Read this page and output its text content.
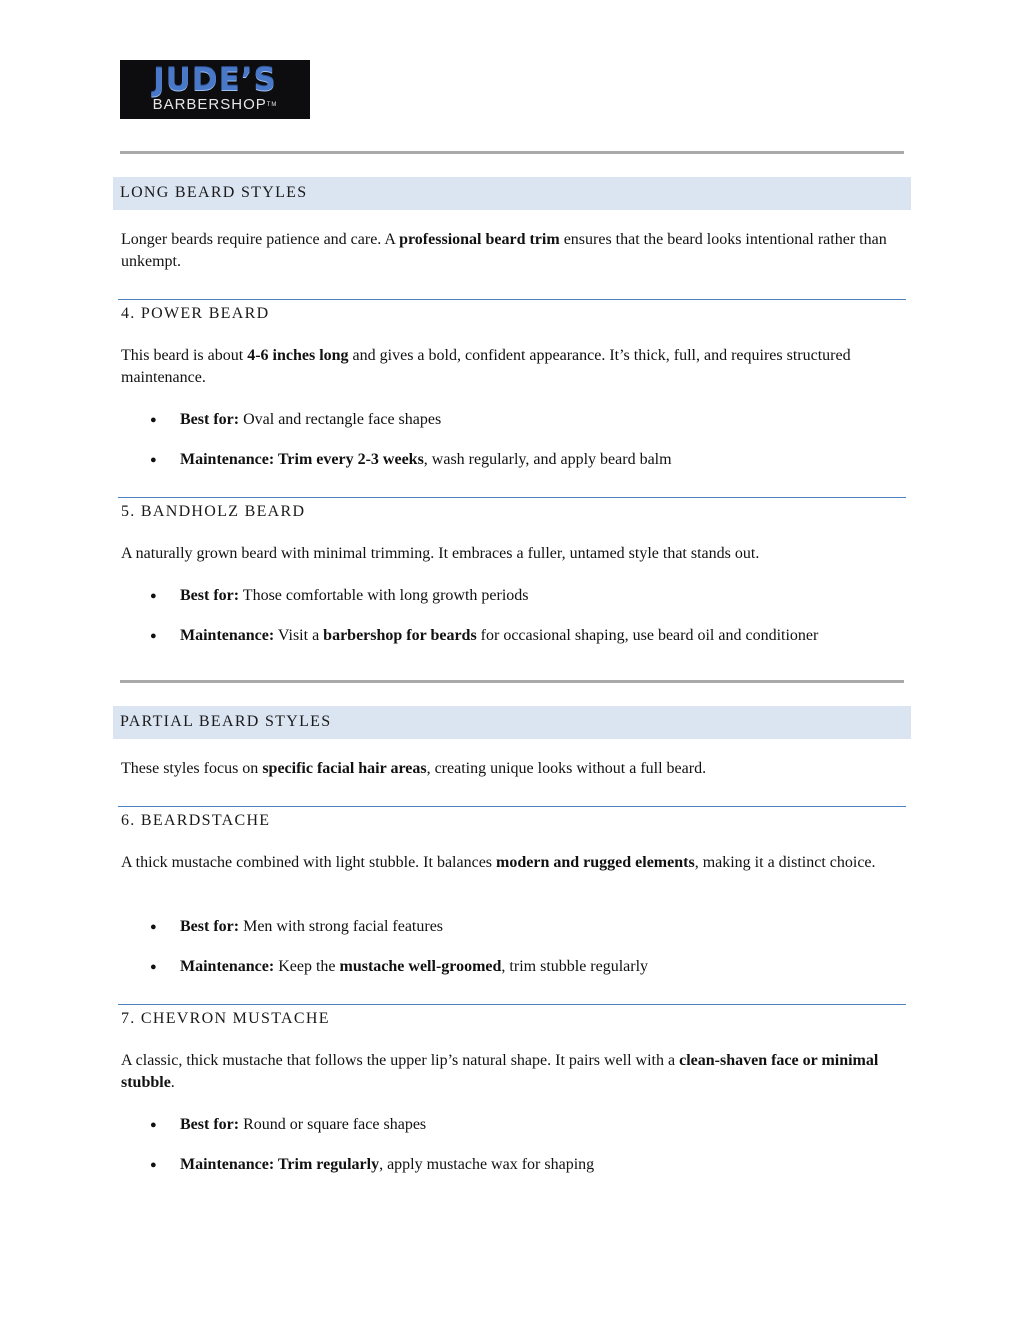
JUDE’S
BARBERSHOP™
LONG BEARD STYLES
Longer beards require patience and care. A professional beard trim ensures that the beard looks intentional rather than unkempt.
4. POWER BEARD
This beard is about 4-6 inches long and gives a bold, confident appearance. It’s thick, full, and requires structured maintenance.
● Best for: Oval and rectangle face shapes
● Maintenance: Trim every 2-3 weeks, wash regularly, and apply beard balm
5. BANDHOLZ BEARD
A naturally grown beard with minimal trimming. It embraces a fuller, untamed style that stands out.
● Best for: Those comfortable with long growth periods
● Maintenance: Visit a barbershop for beards for occasional shaping, use beard oil and conditioner
PARTIAL BEARD STYLES
These styles focus on specific facial hair areas, creating unique looks without a full beard.
6. BEARDSTACHE
A thick mustache combined with light stubble. It balances modern and rugged elements, making it a distinct choice.
● Best for: Men with strong facial features
● Maintenance: Keep the mustache well-groomed, trim stubble regularly
7. CHEVRON MUSTACHE
A classic, thick mustache that follows the upper lip’s natural shape. It pairs well with a clean-shaven face or minimal stubble.
● Best for: Round or square face shapes
● Maintenance: Trim regularly, apply mustache wax for shaping
